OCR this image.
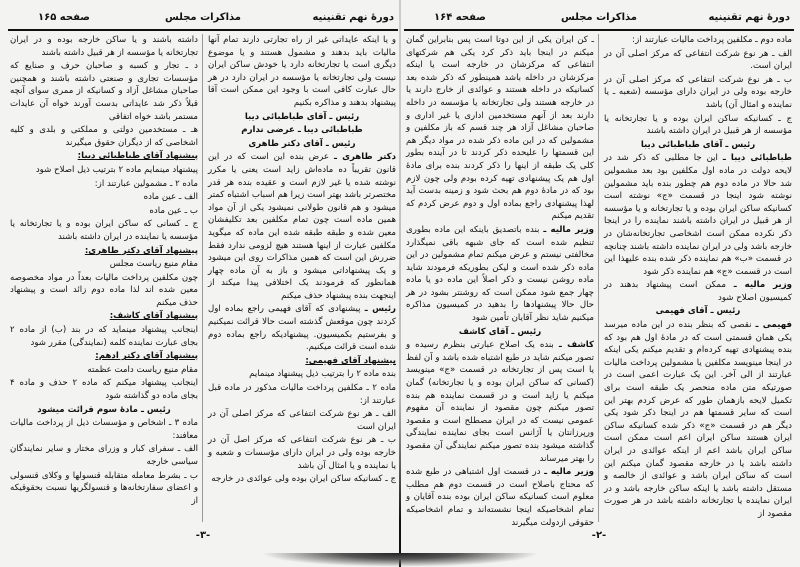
دورهٔ نهم تقنینیه
مذاکرات مجلس
صفحه ۱۶۵
و یا اینکه عایداتی غیر از راه تجارتی دارند تمام آنها مالیات باید بدهند و مشمول هستند و یا موضوع دیگری است یا تجارتخانه دارد یا خودش ساکن ایران نیست ولی تجارتخانه یا مؤسسه در ایران دارد در هر حال عبارت کافی است با وجود این ممکن است آقا پیشنهاد بدهند و مذاکره بکنیم
رئیس ـ آقای طباطبائی دیبا
طباطبائی دیبا ـ عرضی ندارم
رئیس ـ آقای دکتر طاهری
دکتر طاهری ـ عرض بنده این است که در این قانون تقریباً ده ماده‌اش زاید است یعنی یا مکرر نوشته شده یا غیر لازم است و عقیده بنده هر قدر مختصرتر باشد بهتر است زیرا هم اسباب اشتباه کمتر میشود و هم قانون طولانی نمیشود یکی از آن مواد همین ماده است چون تمام مکلفین بعد تکلیفشان معین شده و طبقه طبقه شده این ماده که میگوید مکلفین عبارت از اینها هستند هیچ لزومی ندارد فقط ضررش این است که همین مذاکرات روی این میشود و یک پیشنهاداتی میشود و باز به آن ماده چهار همانطور که فرمودند یک اختلافی پیدا میکند از اینجهت بنده پیشنهاد حذف میکنم
رئیس ـ پیشنهادی که آقای فهیمی راجع بماده اول کردند چون موقعش گذشته است حالا قرائت نمیکنیم و بفرستیم بکمیسیون. پیشنهادیکه راجع بماده دوم شده است قرائت میکنیم.
پیشنهاد آقای فهیمی:
بنده ماده ۲ را بترتیب ذیل پیشنهاد مینمایم
ماده ۲ ـ مکلفین پرداخت مالیات مذکور در ماده قبل عبارتند از:
الف ـ هر نوع شرکت انتفاعی که مرکز اصلی آن در ایران است
ب ـ هر نوع شرکت انتفاعی که مرکز اصل آن در خارجه بوده ولی در ایران دارای مؤسسات و شعبه و یا نماینده و یا امثال آن باشد
ج ـ کسانیکه ساکن ایران بوده ولی عوائدی در خارجه
داشته باشند و یا ساکن خارجه بوده و در ایران تجارتخانه یا مؤسسه از هر قبیل داشته باشند
د ـ تجار و کسبه و صاحبان حرف و صنایع که مؤسسات تجاری و صنعتی داشته باشند و همچنین صاحبان مشاغل آزاد و کسانیکه از ممری سوای آنچه قبلاً ذکر شد عایداتی بدست آورند خواه آن عایدات مستمر باشد خواه اتفاقی
هـ ـ مستخدمین دولتی و مملکتی و بلدی و کلیه اشخاصی که از دیگران حقوق میگیرند
پیشنهاد آقای طباطبائی دیبا:
پیشنهاد مینمایم ماده ۲ بترتیب ذیل اصلاح شود
ماده ۲ ـ مشمولین عبارتند از:
الف ـ عین ماده
ب ـ عین ماده
ج ـ کسانی که ساکن ایران بوده و یا تجارتخانه یا مؤسسه یا نماینده در ایران داشته باشند
پیشنهاد آقای دکتر طاهری:
مقام منیع ریاست مجلس
چون مکلفین پرداخت مالیات بعداً در مواد مخصوصه معین شده اند لذا ماده دوم زائد است و پیشنهاد حذف میکنم
پیشنهاد آقای کاشف:
اینجانب پیشنهاد مینماید که در بند (ب) از ماده ۲ بجای عبارت نماینده کلمه (نمایندگی) مقرر شود
پیشنهاد آقای دکتر ادهم:
مقام منیع ریاست دامت عظمته
اینجانب پیشنهاد میکنم که ماده ۲ حذف و ماده ۴ بجای ماده دو گذاشته شود
رئیس ـ مادهٔ سوم قرائت میشود
ماده ۳ ـ اشخاص و مؤسسات ذیل از پرداخت مالیات معافند:
الف ـ سفرای کبار و وزرای مختار و سایر نمایندگان سیاسی خارجه
ب ـ بشرط معامله متقابله قنسولها و وکلای قنسولی و اعضای سفارتخانه‌ها و قنسولگریها نسبت بحقوقیکه از
-۳-
دورهٔ نهم تقنینیه
مذاکرات مجلس
صفحه ۱۶۴
ماده دوم ـ مکلفین پرداخت مالیات عبارتند از:
الف ـ هر نوع شرکت انتفاعی که مرکز اصلی آن در ایران است.
ب ـ هر نوع شرکت انتفاعی که مرکز اصلی آن در خارجه بوده ولی در ایران دارای مؤسسه (شعبه ـ یا نماینده و امثال آن) باشد
ج ـ کسانیکه ساکن ایران بوده و یا تجارتخانه یا مؤسسه از هر قبیل در ایران داشته باشند
رئیس ـ آقای طباطبائی دیبا
طباطبائی دیبا ـ این جا مطلبی که ذکر شد در لایحه دولت در ماده اول مکلفین بود بعد مشمولین شد حالا در ماده دوم هم چطور بنده باید مشمولین نوشته شود اینجا در قسمت «ج» نوشته است کسانیکه ساکن ایران بوده و یا تجارتخانه و یا مؤسسه از هر قبیل در ایران داشته باشند نماینده را در اینجا ذکر نکرده ممکن است اشخاصی تجارتخانه‌شان در خارجه باشد ولی در ایران نماینده داشته باشند چنانچه در قسمت «ب» هم نماینده ذکر شده بنده علیهذا این است در قسمت «ج» هم نماینده ذکر شود
وزیر مالیه ـ ممکن است پیشنهاد بدهند در کمیسیون اصلاح شود
رئیس ـ آقای فهیمی
فهیمی ـ نقصی که بنظر بنده در این ماده میرسد یکی همان قسمتی است که در مادهٔ اول هم بود که بنده پیشنهادی تهیه کرده‌ام و تقدیم میکنم یکی اینکه در اینجا مینویسد مکلفین یا مشمولین پرداخت مالیات عبارتند از الی آخر. این یک عبارت اعمی است در صورتیکه متن ماده منحصر یک طبقه است برای تکمیل لایحه بازهمان طور که عرض کردم بهتر این است که سایر قسمتها هم در اینجا ذکر شود یکی دیگر هم در قسمت «ج» ذکر شده کسانیکه ساکن ایران هستند ساکن ایران اعم است ممکن است ساکن ایران باشد اعم از اینکه عوائدی در ایران داشته باشد یا در خارجه مقصود گمان میکنم این است که ساکن ایران باشد و عوائدی از خالصه و مستقل داشته باشد یا اینکه ساکن خارجه باشد و در ایران نماینده یا تجارتخانه داشته باشد در هر صورت مقصود از
ـ کن ایران یکی از این دوتا است پس بنابراین گمان میکنم در اینجا باید ذکر کرد یکی هم شرکتهای انتفاعی که مرکزشان در خارجه است یا اینکه مرکزشان در داخله باشد همینطور که ذکر شده بعد کسانیکه در داخله هستند و عوائدی از خارج دارند یا در خارجه هستند ولی تجارتخانه یا مؤسسه در داخله دارند بعد از آنهم مستخدمین اداری یا غیر اداری و صاحبان مشاغل آزاد هر چند قسم که باز مکلفین و مشمولین که در این ماده ذکر شده در مواد دیگر هم این قسمتها را علیحده ذکر کردند تا در آینده بطور کلی یک طبقه از اینها را ذکر کردند بنده برای مادهٔ اول هم یک پیشنهادی تهیه کرده بودم ولی چون لازم بود که در مادهٔ دوم هم بحث شود و زمینه بدست آید لهذا پیشنهادی راجع بماده اول و دوم عرض کردم که تقدیم میکنم
وزیر مالیه ـ بنده باتصدیق باینکه این ماده بطوری تنظیم شده است که جای شبهه باقی نمیگذارد مخالفتی نیستم و عرض میکنم تمام مشمولین در این ماده ذکر شده است و لیکن بطوریکه فرمودند شاید ماده روشن نیست و ذکر اصلاً این ماده دو یا ماده چهار جمع شود ممکن است که روشنتر بشود در هر حال حالا پیشنهادها را بدهید در کمیسیون مذاکره میکنیم شاید نظر آقایان تأمین شود
رئیس ـ آقای کاشف
کاشف ـ بنده یک اصلاح عبارتی بنظرم رسیده و تصور میکنم شاید در طبع اشتباه شده باشد و آن لفظ یا است پس از تجارتخانه در قسمت «ج» مینویسد (کسانی که ساکن ایران بوده و یا تجارتخانه) گمان میکنم یا زاید است و در قسمت نماینده هم بنده تصور میکنم چون مقصود از نماینده آن مفهوم عمومی نیست که در ایران مصطلح است و مقصود ورپرزانتان یا آژانس است بجای نماینده نمایندگی گذاشته میشود بنده تصور میکنم نمایندگی آن مقصود را بهتر میرساند
وزیر مالیه ـ در قسمت اول اشتباهی در طبع شده که محتاج باصلاح است در قسمت دوم هم مطلب معلوم است کسانیکه ساکن ایران بوده بنده آقایان و تمام اشخاصیکه اینجا نشسته‌اند و تمام اشخاصیکه حقوقی ازدولت میگیرند
-۲-
